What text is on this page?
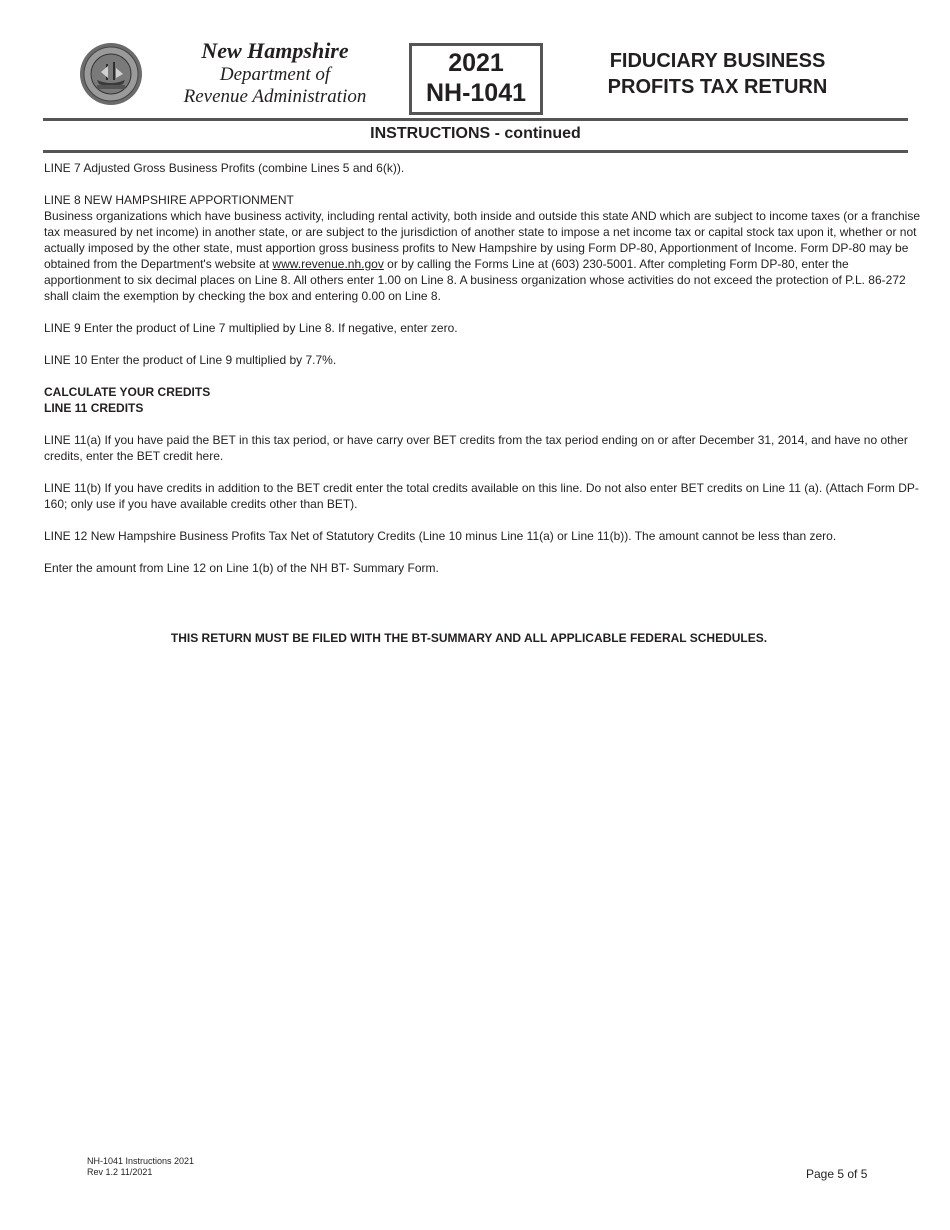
New Hampshire
Department of
Revenue Administration
2021
NH-1041
FIDUCIARY BUSINESS
PROFITS TAX RETURN
INSTRUCTIONS - continued

LINE 7 Adjusted Gross Business Profits (combine Lines 5 and 6(k)).

LINE 8 NEW HAMPSHIRE APPORTIONMENT
Business organizations which have business activity, including rental activity, both inside and outside this state AND which are subject to income taxes (or a franchise tax measured by net income) in another state, or are subject to the jurisdiction of another state to impose a net income tax or capital stock tax upon it, whether or not actually imposed by the other state, must apportion gross business profits to New Hampshire by using Form DP-80, Apportionment of Income. Form DP-80 may be obtained from the Department's website at www.revenue.nh.gov or by calling the Forms Line at (603) 230-5001. After completing Form DP-80, enter the apportionment to six decimal places on Line 8. All others enter 1.00 on Line 8. A business organization whose activities do not exceed the protection of P.L. 86-272 shall claim the exemption by checking the box and entering 0.00 on Line 8.

LINE 9 Enter the product of Line 7 multiplied by Line 8. If negative, enter zero.

LINE 10 Enter the product of Line 9 multiplied by 7.7%.

CALCULATE YOUR CREDITS
LINE 11 CREDITS

LINE 11(a) If you have paid the BET in this tax period, or have carry over BET credits from the tax period ending on or after December 31, 2014, and have no other credits, enter the BET credit here.

LINE 11(b) If you have credits in addition to the BET credit enter the total credits available on this line. Do not also enter BET credits on Line 11 (a). (Attach Form DP-160; only use if you have available credits other than BET).

LINE 12 New Hampshire Business Profits Tax Net of Statutory Credits (Line 10 minus Line 11(a) or Line 11(b)). The amount cannot be less than zero.

Enter the amount from Line 12 on Line 1(b) of the NH BT- Summary Form.

THIS RETURN MUST BE FILED WITH THE BT-SUMMARY AND ALL APPLICABLE FEDERAL SCHEDULES.
NH-1041 Instructions 2021
Rev 1.2 11/2021	Page 5 of 5
